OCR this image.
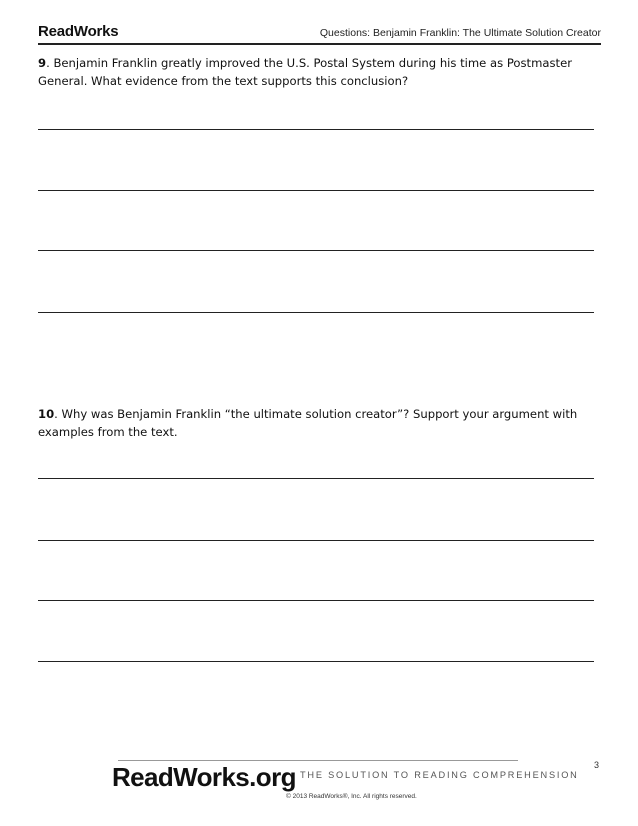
ReadWorks	Questions: Benjamin Franklin: The Ultimate Solution Creator
9. Benjamin Franklin greatly improved the U.S. Postal System during his time as Postmaster General. What evidence from the text supports this conclusion?
10. Why was Benjamin Franklin “the ultimate solution creator”? Support your argument with examples from the text.
3
ReadWorks.org THE SOLUTION TO READING COMPREHENSION
© 2013 ReadWorks®, Inc. All rights reserved.
